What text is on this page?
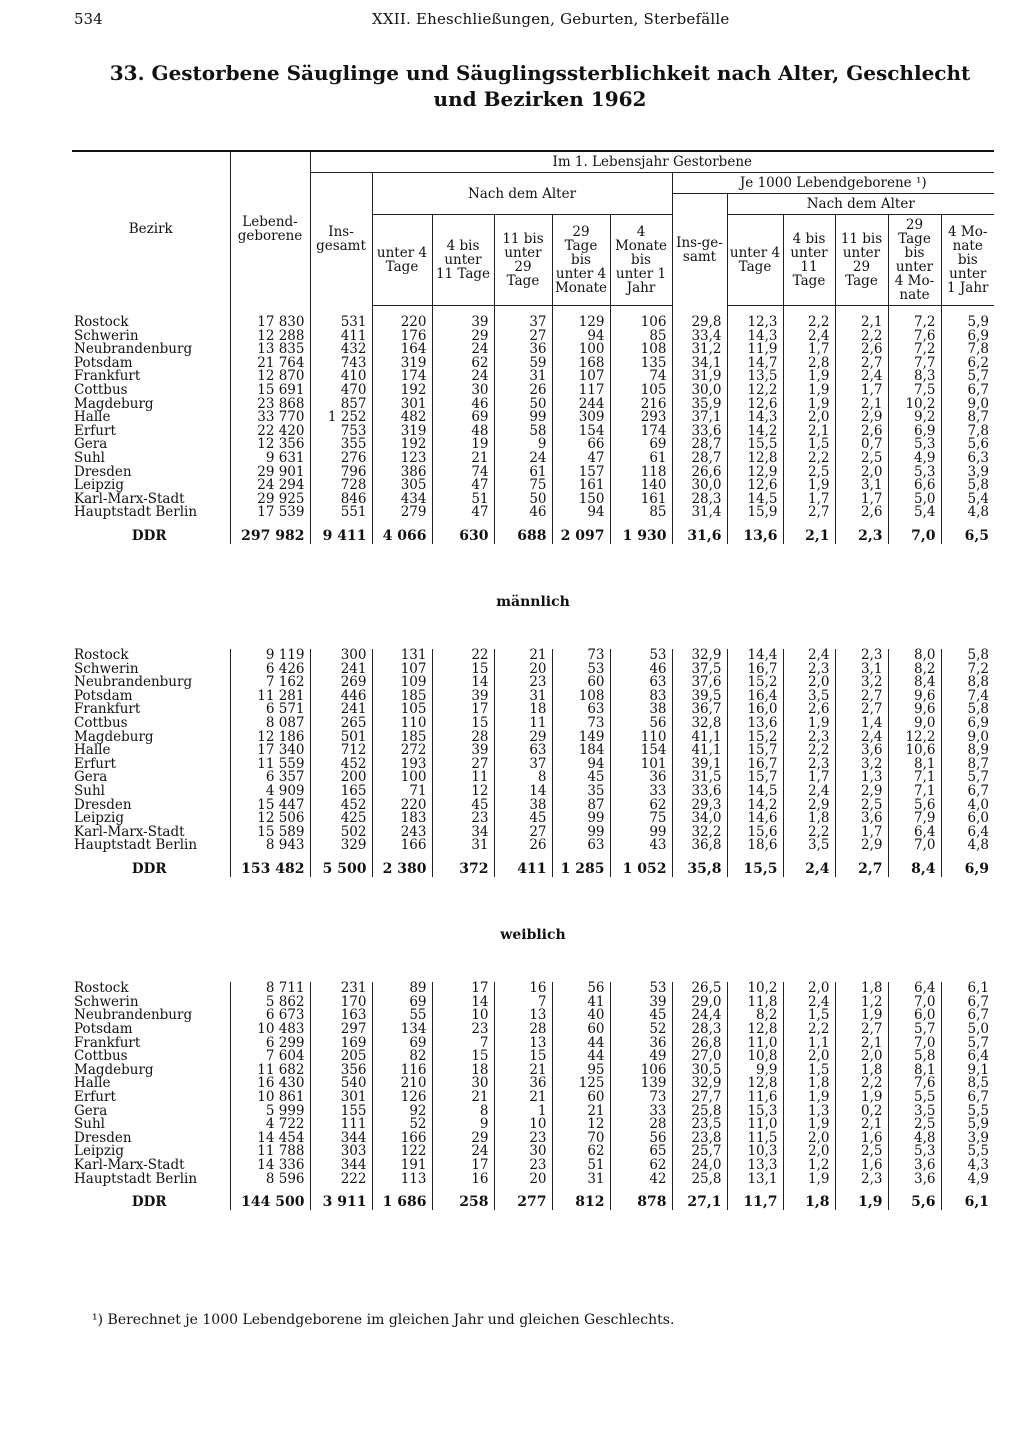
534	XXII. Eheschließungen, Geburten, Sterbefälle
33. Gestorbene Säuglinge und Säuglingssterblichkeit nach Alter, Geschlecht
und Bezirken 1962
Bezirk	Lebend-geborene	Im 1. Lebensjahr Gestorbene											
		Ins-gesamt	Nach dem Alter					Je 1000 Lebendgeborene ¹)					
								Ins-ge-samt	Nach dem Alter				
			unter 4 Tage	4 bis unter 11 Tage	11 bis unter 29 Tage	29 Tage bis unter 4 Monate	4 Monate bis unter 1 Jahr		unter 4 Tage	4 bis unter 11 Tage	11 bis unter 29 Tage	29 Tage bis unter 4 Mo-nate	4 Mo-nate bis unter 1 Jahr

Rostock	17 830	531	220	39	37	129	106	29,8	12,3	2,2	2,1	7,2	5,9
Schwerin	12 288	411	176	29	27	94	85	33,4	14,3	2,4	2,2	7,6	6,9
Neubrandenburg	13 835	432	164	24	36	100	108	31,2	11,9	1,7	2,6	7,2	7,8
Potsdam	21 764	743	319	62	59	168	135	34,1	14,7	2,8	2,7	7,7	6,2
Frankfurt	12 870	410	174	24	31	107	74	31,9	13,5	1,9	2,4	8,3	5,7
Cottbus	15 691	470	192	30	26	117	105	30,0	12,2	1,9	1,7	7,5	6,7
Magdeburg	23 868	857	301	46	50	244	216	35,9	12,6	1,9	2,1	10,2	9,0
Halle	33 770	1 252	482	69	99	309	293	37,1	14,3	2,0	2,9	9,2	8,7
Erfurt	22 420	753	319	48	58	154	174	33,6	14,2	2,1	2,6	6,9	7,8
Gera	12 356	355	192	19	9	66	69	28,7	15,5	1,5	0,7	5,3	5,6
Suhl	9 631	276	123	21	24	47	61	28,7	12,8	2,2	2,5	4,9	6,3
Dresden	29 901	796	386	74	61	157	118	26,6	12,9	2,5	2,0	5,3	3,9
Leipzig	24 294	728	305	47	75	161	140	30,0	12,6	1,9	3,1	6,6	5,8
Karl-Marx-Stadt	29 925	846	434	51	50	150	161	28,3	14,5	1,7	1,7	5,0	5,4
Hauptstadt Berlin	17 539	551	279	47	46	94	85	31,4	15,9	2,7	2,6	5,4	4,8
DDR	297 982	9 411	4 066	630	688	2 097	1 930	31,6	13,6	2,1	2,3	7,0	6,5
männlich													
Rostock	9 119	300	131	22	21	73	53	32,9	14,4	2,4	2,3	8,0	5,8
Schwerin	6 426	241	107	15	20	53	46	37,5	16,7	2,3	3,1	8,2	7,2
Neubrandenburg	7 162	269	109	14	23	60	63	37,6	15,2	2,0	3,2	8,4	8,8
Potsdam	11 281	446	185	39	31	108	83	39,5	16,4	3,5	2,7	9,6	7,4
Frankfurt	6 571	241	105	17	18	63	38	36,7	16,0	2,6	2,7	9,6	5,8
Cottbus	8 087	265	110	15	11	73	56	32,8	13,6	1,9	1,4	9,0	6,9
Magdeburg	12 186	501	185	28	29	149	110	41,1	15,2	2,3	2,4	12,2	9,0
Halle	17 340	712	272	39	63	184	154	41,1	15,7	2,2	3,6	10,6	8,9
Erfurt	11 559	452	193	27	37	94	101	39,1	16,7	2,3	3,2	8,1	8,7
Gera	6 357	200	100	11	8	45	36	31,5	15,7	1,7	1,3	7,1	5,7
Suhl	4 909	165	71	12	14	35	33	33,6	14,5	2,4	2,9	7,1	6,7
Dresden	15 447	452	220	45	38	87	62	29,3	14,2	2,9	2,5	5,6	4,0
Leipzig	12 506	425	183	23	45	99	75	34,0	14,6	1,8	3,6	7,9	6,0
Karl-Marx-Stadt	15 589	502	243	34	27	99	99	32,2	15,6	2,2	1,7	6,4	6,4
Hauptstadt Berlin	8 943	329	166	31	26	63	43	36,8	18,6	3,5	2,9	7,0	4,8
DDR	153 482	5 500	2 380	372	411	1 285	1 052	35,8	15,5	2,4	2,7	8,4	6,9
weiblich													
Rostock	8 711	231	89	17	16	56	53	26,5	10,2	2,0	1,8	6,4	6,1
Schwerin	5 862	170	69	14	7	41	39	29,0	11,8	2,4	1,2	7,0	6,7
Neubrandenburg	6 673	163	55	10	13	40	45	24,4	8,2	1,5	1,9	6,0	6,7
Potsdam	10 483	297	134	23	28	60	52	28,3	12,8	2,2	2,7	5,7	5,0
Frankfurt	6 299	169	69	7	13	44	36	26,8	11,0	1,1	2,1	7,0	5,7
Cottbus	7 604	205	82	15	15	44	49	27,0	10,8	2,0	2,0	5,8	6,4
Magdeburg	11 682	356	116	18	21	95	106	30,5	9,9	1,5	1,8	8,1	9,1
Halle	16 430	540	210	30	36	125	139	32,9	12,8	1,8	2,2	7,6	8,5
Erfurt	10 861	301	126	21	21	60	73	27,7	11,6	1,9	1,9	5,5	6,7
Gera	5 999	155	92	8	1	21	33	25,8	15,3	1,3	0,2	3,5	5,5
Suhl	4 722	111	52	9	10	12	28	23,5	11,0	1,9	2,1	2,5	5,9
Dresden	14 454	344	166	29	23	70	56	23,8	11,5	2,0	1,6	4,8	3,9
Leipzig	11 788	303	122	24	30	62	65	25,7	10,3	2,0	2,5	5,3	5,5
Karl-Marx-Stadt	14 336	344	191	17	23	51	62	24,0	13,3	1,2	1,6	3,6	4,3
Hauptstadt Berlin	8 596	222	113	16	20	31	42	25,8	13,1	1,9	2,3	3,6	4,9
DDR	144 500	3 911	1 686	258	277	812	878	27,1	11,7	1,8	1,9	5,6	6,1
¹) Berechnet je 1000 Lebendgeborene im gleichen Jahr und gleichen Geschlechts.
